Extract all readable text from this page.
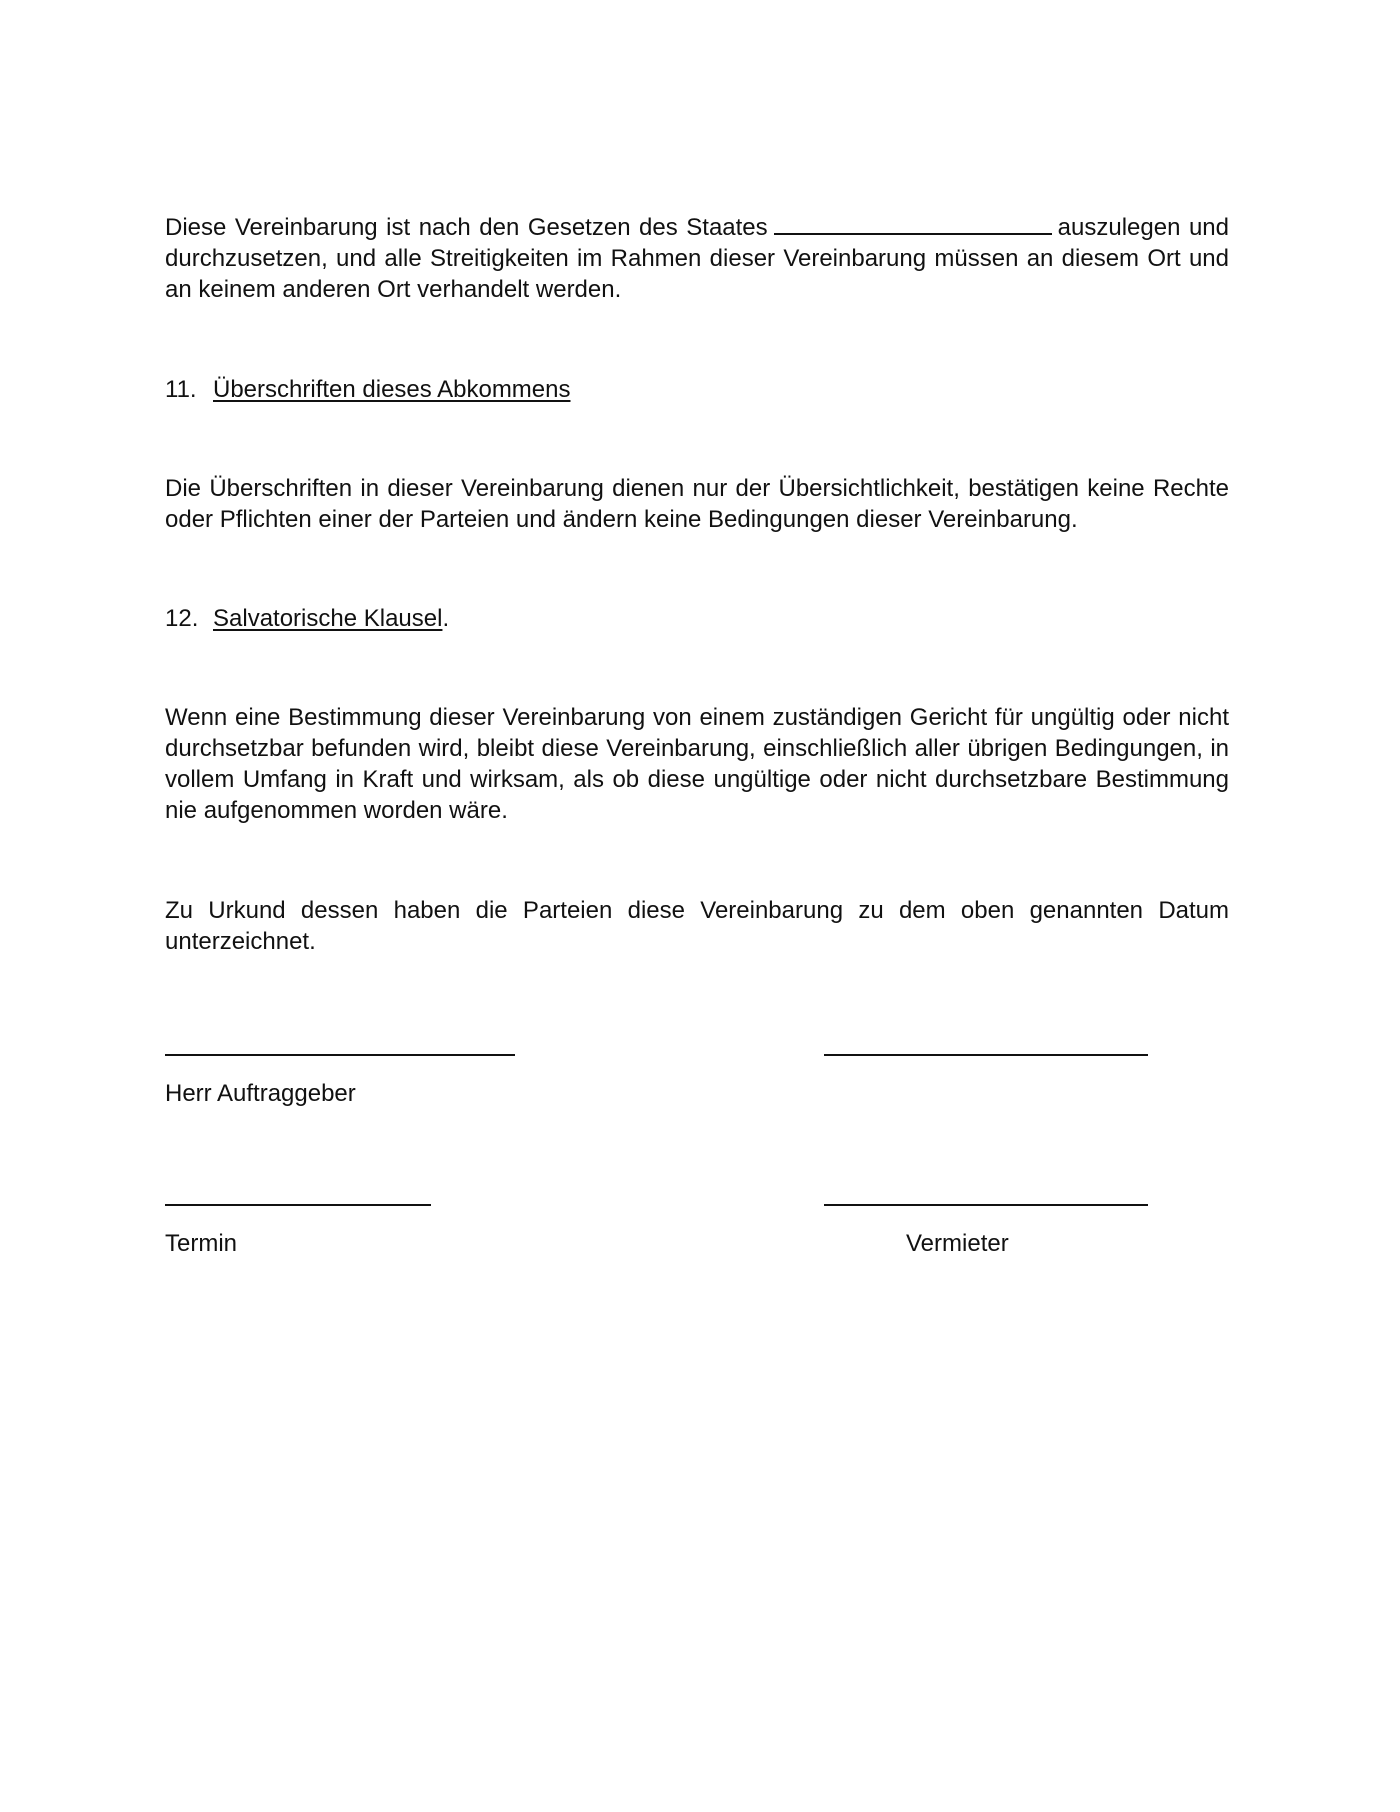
Diese Vereinbarung ist nach den Gesetzen des Staates	auszulegen und durchzusetzen, und alle Streitigkeiten im Rahmen dieser Vereinbarung müssen an diesem Ort und an keinem anderen Ort verhandelt werden.

11. Überschriften dieses Abkommens

Die Überschriften in dieser Vereinbarung dienen nur der Übersichtlichkeit, bestätigen keine Rechte oder Pflichten einer der Parteien und ändern keine Bedingungen dieser Vereinbarung.

12. Salvatorische Klausel.

Wenn eine Bestimmung dieser Vereinbarung von einem zuständigen Gericht für ungültig oder nicht durchsetzbar befunden wird, bleibt diese Vereinbarung, einschließlich aller übrigen Bedingungen, in vollem Umfang in Kraft und wirksam, als ob diese ungültige oder nicht durchsetzbare Bestimmung nie aufgenommen worden wäre.

Zu Urkund dessen haben die Parteien diese Vereinbarung zu dem oben genannten Datum unterzeichnet.

Herr Auftraggeber

Termin	Vermieter
